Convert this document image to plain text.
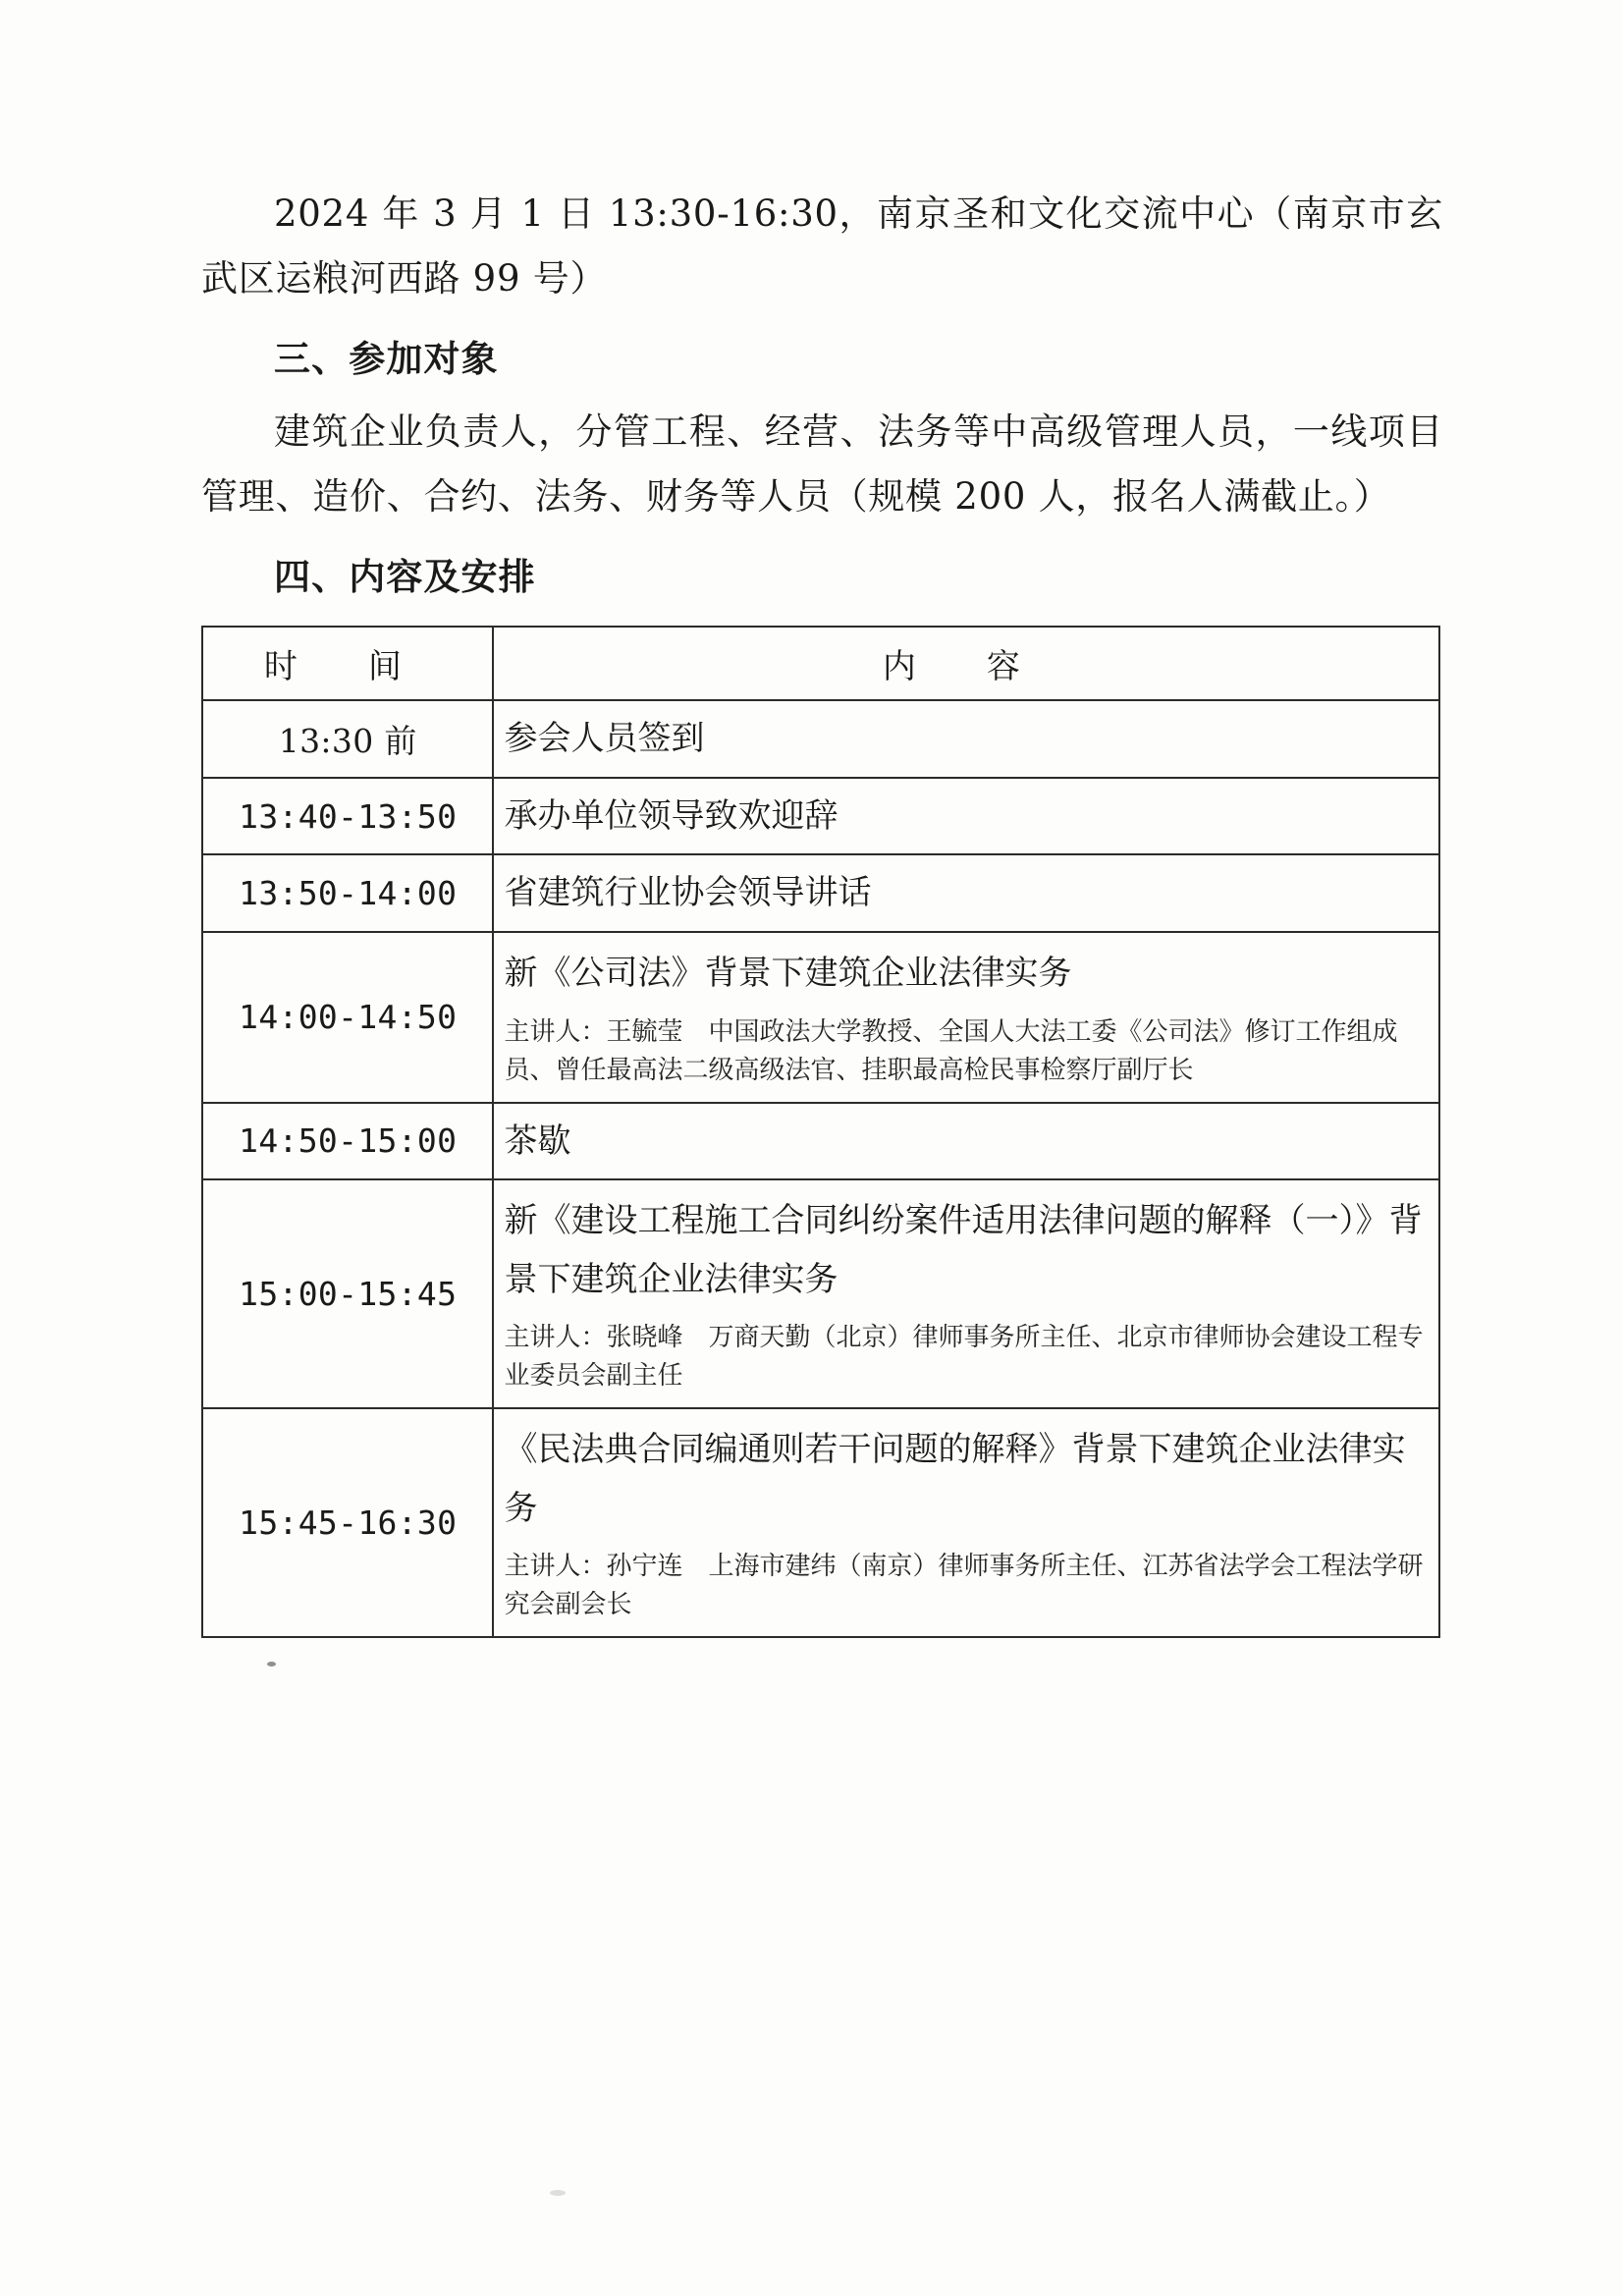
2024 年 3 月 1 日 13:30-16:30，南京圣和文化交流中心（南京市玄武区运粮河西路 99 号）

三、参加对象

建筑企业负责人，分管工程、经营、法务等中高级管理人员，一线项目管理、造价、合约、法务、财务等人员（规模 200 人，报名人满截止。）

四、内容及安排

时 间	内 容
13:30 前	参会人员签到

13:40-13:50	承办单位领导致欢迎辞

13:50-14:00	省建筑行业协会领导讲话

14:00-14:50	新《公司法》背景下建筑企业法律实务
主讲人：王毓莹　中国政法大学教授、全国人大法工委《公司法》修订工作组成员、曾任最高法二级高级法官、挂职最高检民事检察厅副厅长

14:50-15:00	茶歇

15:00-15:45	新《建设工程施工合同纠纷案件适用法律问题的解释（一）》背景下建筑企业法律实务
主讲人：张晓峰　万商天勤（北京）律师事务所主任、北京市律师协会建设工程专业委员会副主任

15:45-16:30	《民法典合同编通则若干问题的解释》背景下建筑企业法律实务
主讲人：孙宁连　上海市建纬（南京）律师事务所主任、江苏省法学会工程法学研究会副会长
